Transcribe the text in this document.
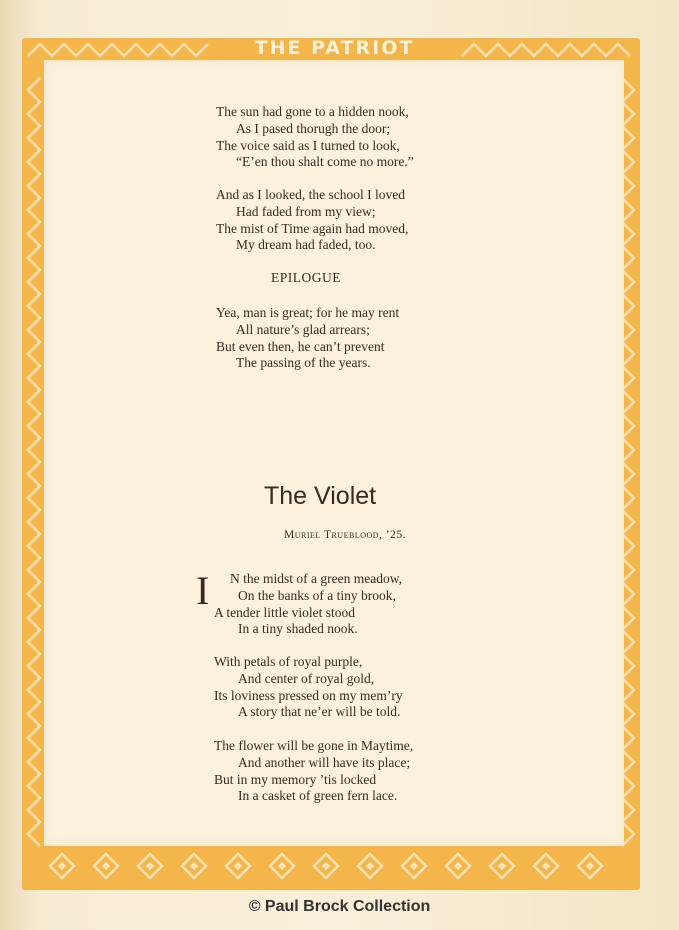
THE PATRIOT
The sun had gone to a hidden nook,
As I pased thorugh the door;
The voice said as I turned to look,
“E’en thou shalt come no more.”
And as I looked, the school I loved
Had faded from my view;
The mist of Time again had moved,
My dream had faded, too.
EPILOGUE
Yea, man is great; for he may rent
All nature’s glad arrears;
But even then, he can’t prevent
The passing of the years.
The Violet
Muriel Trueblood, ’25.
I	N the midst of a green meadow,
On the banks of a tiny brook,
A tender little violet stood
In a tiny shaded nook.
With petals of royal purple,
And center of royal gold,
Its loviness pressed on my mem’ry
A story that ne’er will be told.
The flower will be gone in Maytime,
And another will have its place;
But in my memory ’tis locked
In a casket of green fern lace.
© Paul Brock Collection
